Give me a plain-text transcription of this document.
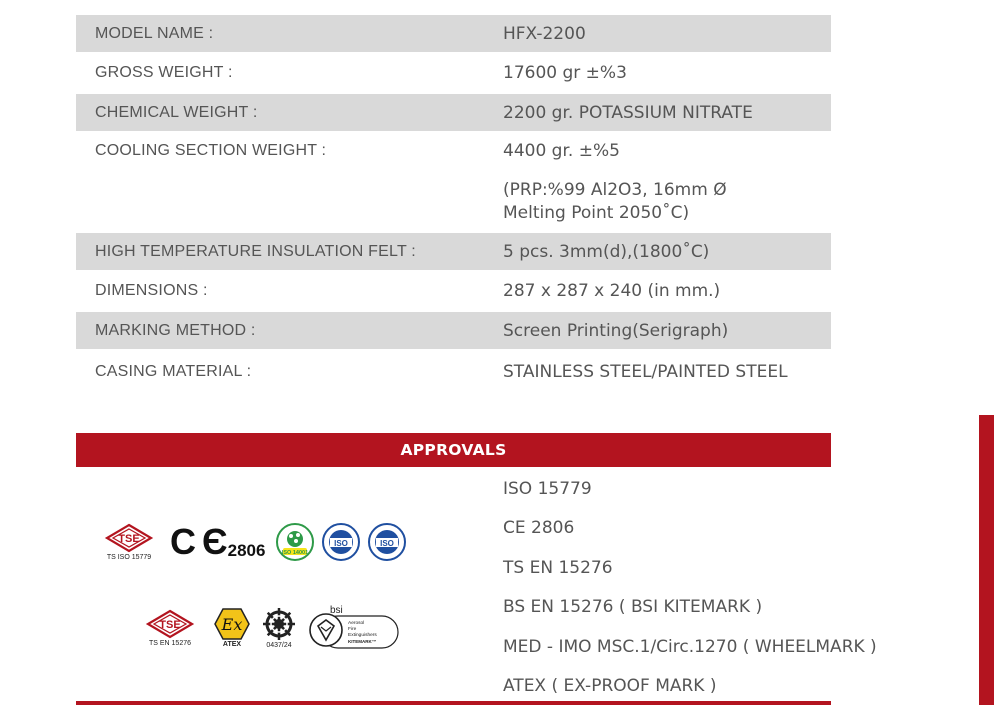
MODEL NAME :	HFX-2200
GROSS WEIGHT :	17600 gr ±%3
CHEMICAL WEIGHT :	2200 gr. POTASSIUM NITRATE
COOLING SECTION WEIGHT :	4400 gr. ±%5
(PRP:%99 Al2O3, 16mm Ø
Melting Point 2050˚C)
HIGH TEMPERATURE INSULATION FELT :	5 pcs. 3mm(d),(1800˚C)
DIMENSIONS :	287 x 287 x 240 (in mm.)
MARKING METHOD :	Screen Printing(Serigraph)
CASING MATERIAL :	STAINLESS STEEL/PAINTED STEEL
APPROVALS
TSE
TS ISO 15779 C Є 2806	ISO 14001
ISO	ISO
TSE
TS EN 15276
Ex
ATEX	0437/24
bsi
Aerosol
Fire
Extinguishers
KITEMARK™
ISO 15779
CE 2806
TS EN 15276
BS EN 15276 ( BSI KITEMARK )
MED - IMO MSC.1/Circ.1270 ( WHEELMARK )
ATEX ( EX-PROOF MARK )
